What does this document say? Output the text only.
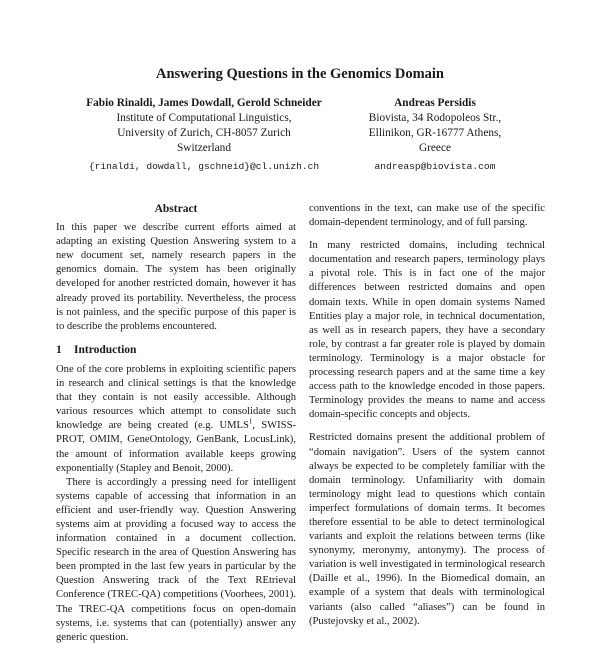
Answering Questions in the Genomics Domain
Fabio Rinaldi, James Dowdall, Gerold Schneider
Institute of Computational Linguistics,
University of Zurich, CH-8057 Zurich
Switzerland
{rinaldi, dowdall, gschneid}@cl.unizh.ch
Andreas Persidis
Biovista, 34 Rodopoleos Str.,
Ellinikon, GR-16777 Athens,
Greece
andreasp@biovista.com
Abstract

In this paper we describe current efforts aimed at adapting an existing Question Answering system to a new document set, namely research papers in the genomics domain. The system has been originally developed for another restricted domain, however it has already proved its portability. Nevertheless, the process is not painless, and the specific purpose of this paper is to describe the problems encountered.

1 Introduction

One of the core problems in exploiting scientific papers in research and clinical settings is that the knowledge that they contain is not easily accessible. Although various resources which attempt to consolidate such knowledge are being created (e.g. UMLS$^1$, SWISS-PROT, OMIM, GeneOntology, GenBank, LocusLink), the amount of information available keeps growing exponentially (Stapley and Benoit, 2000).

There is accordingly a pressing need for intelligent systems capable of accessing that information in an efficient and user-friendly way. Question Answering systems aim at providing a focused way to access the information contained in a document collection. Specific research in the area of Question Answering has been prompted in the last few years in particular by the Question Answering track of the Text REtrieval Conference (TREC-QA) competitions (Voorhees, 2001). The TREC-QA competitions focus on open-domain systems, i.e. systems that can (potentially) answer any generic question.

conventions in the text, can make use of the specific domain-dependent terminology, and of full parsing.

In many restricted domains, including technical documentation and research papers, terminology plays a pivotal role. This is in fact one of the major differences between restricted domains and open domain texts. While in open domain systems Named Entities play a major role, in technical documentation, as well as in research papers, they have a secondary role, by contrast a far greater role is played by domain terminology. Terminology is a major obstacle for processing research papers and at the same time a key access path to the knowledge encoded in those papers. Terminology provides the means to name and access domain-specific concepts and objects.

Restricted domains present the additional problem of “domain navigation”. Users of the system cannot always be expected to be completely familiar with the domain terminology. Unfamiliarity with domain terminology might lead to questions which contain imperfect formulations of domain terms. It becomes therefore essential to be able to detect terminological variants and exploit the relations between terms (like synonymy, meronymy, antonymy). The process of variation is well investigated in terminological research (Daille et al., 1996). In the Biomedical domain, an example of a system that deals with terminological variants (also called “aliases”) can be found in (Pustejovsky et al., 2002).
